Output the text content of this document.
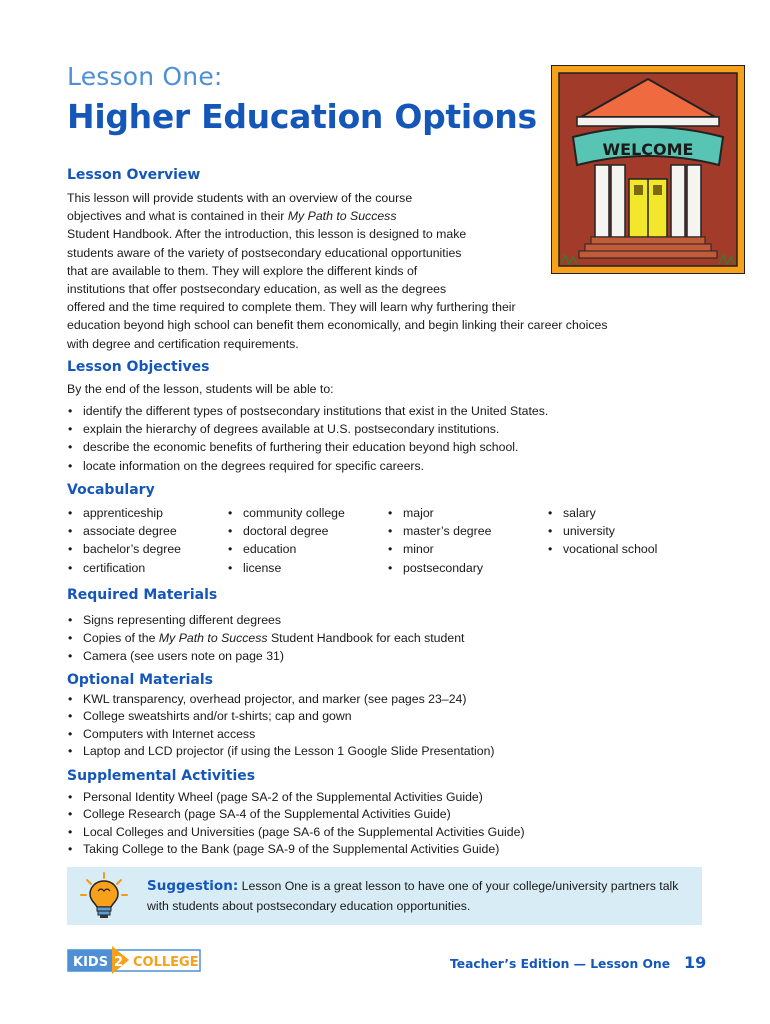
Lesson One:
Higher Education Options
WELCOME
Lesson Overview
This lesson will provide students with an overview of the course
objectives and what is contained in their My Path to Success
Student Handbook. After the introduction, this lesson is designed to make
students aware of the variety of postsecondary educational opportunities
that are available to them. They will explore the different kinds of
institutions that offer postsecondary education, as well as the degrees
offered and the time required to complete them. They will learn why furthering their
education beyond high school can benefit them economically, and begin linking their career choices
with degree and certification requirements.
Lesson Objectives
By the end of the lesson, students will be able to:
• identify the different types of postsecondary institutions that exist in the United States.
• explain the hierarchy of degrees available at U.S. postsecondary institutions.
• describe the economic benefits of furthering their education beyond high school.
• locate information on the degrees required for specific careers.
Vocabulary
• apprenticeship
• associate degree
• bachelor’s degree
• certification
• community college
• doctoral degree
• education
• license
• major
• master’s degree
• minor
• postsecondary
• salary
• university
• vocational school
Required Materials
• Signs representing different degrees
• Copies of the My Path to Success Student Handbook for each student
• Camera (see users note on page 31)
Optional Materials
• KWL transparency, overhead projector, and marker (see pages 23–24)
• College sweatshirts and/or t-shirts; cap and gown
• Computers with Internet access
• Laptop and LCD projector (if using the Lesson 1 Google Slide Presentation)
Supplemental Activities
• Personal Identity Wheel (page SA-2 of the Supplemental Activities Guide)
• College Research (page SA-4 of the Supplemental Activities Guide)
• Local Colleges and Universities (page SA-6 of the Supplemental Activities Guide)
• Taking College to the Bank (page SA-9 of the Supplemental Activities Guide)
Suggestion: Lesson One is a great lesson to have one of your college/university partners talk with students about postsecondary education opportunities.
KIDS 2 COLLEGE	Teacher’s Edition — Lesson One 19
